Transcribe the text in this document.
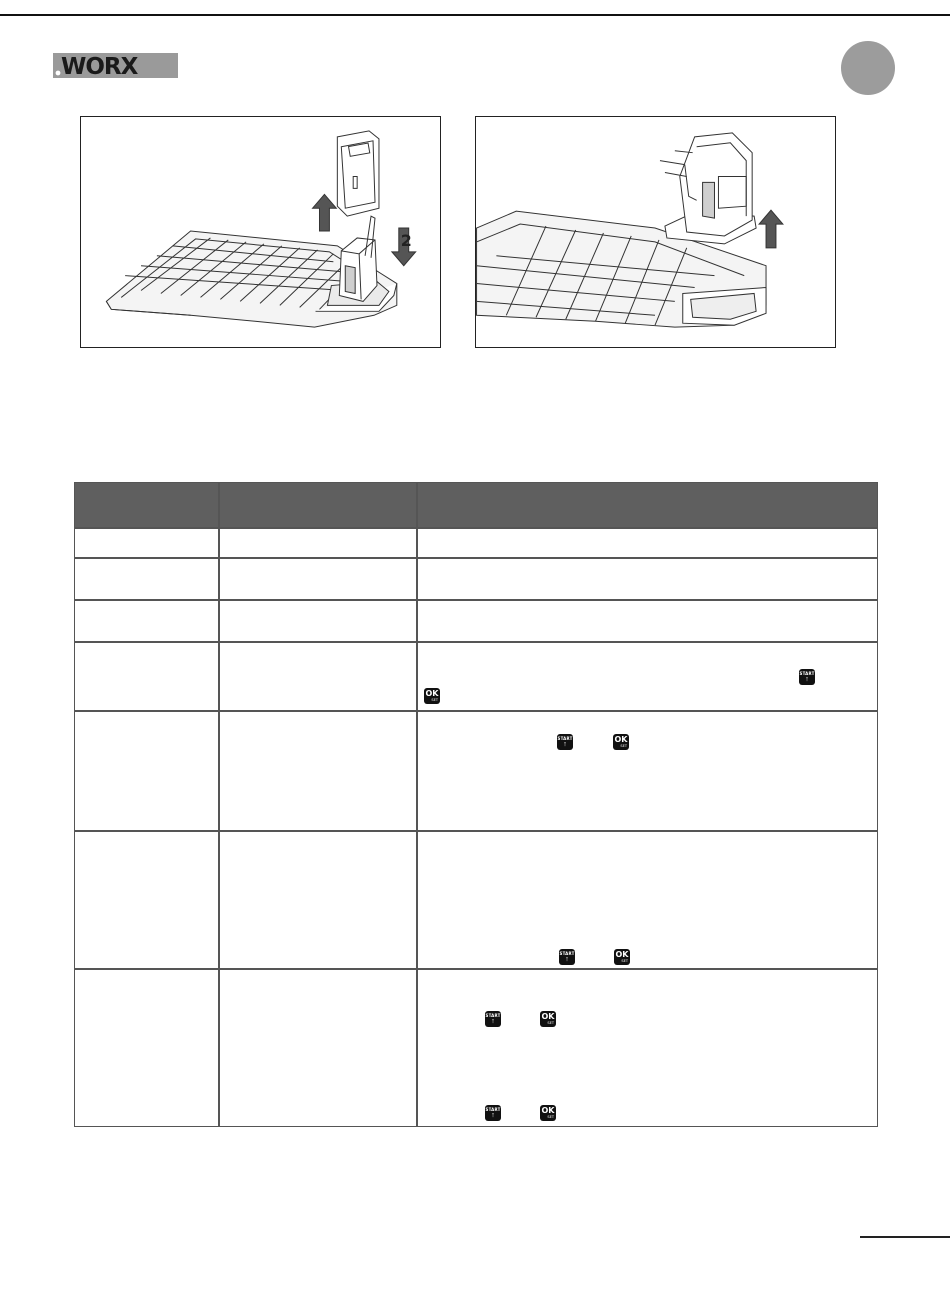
WORX
2
START
↑
OK
SET
START
↑
OK
SET
START
↑
OK
SET
START
↑
OK
SET
START
↑
OK
SET
